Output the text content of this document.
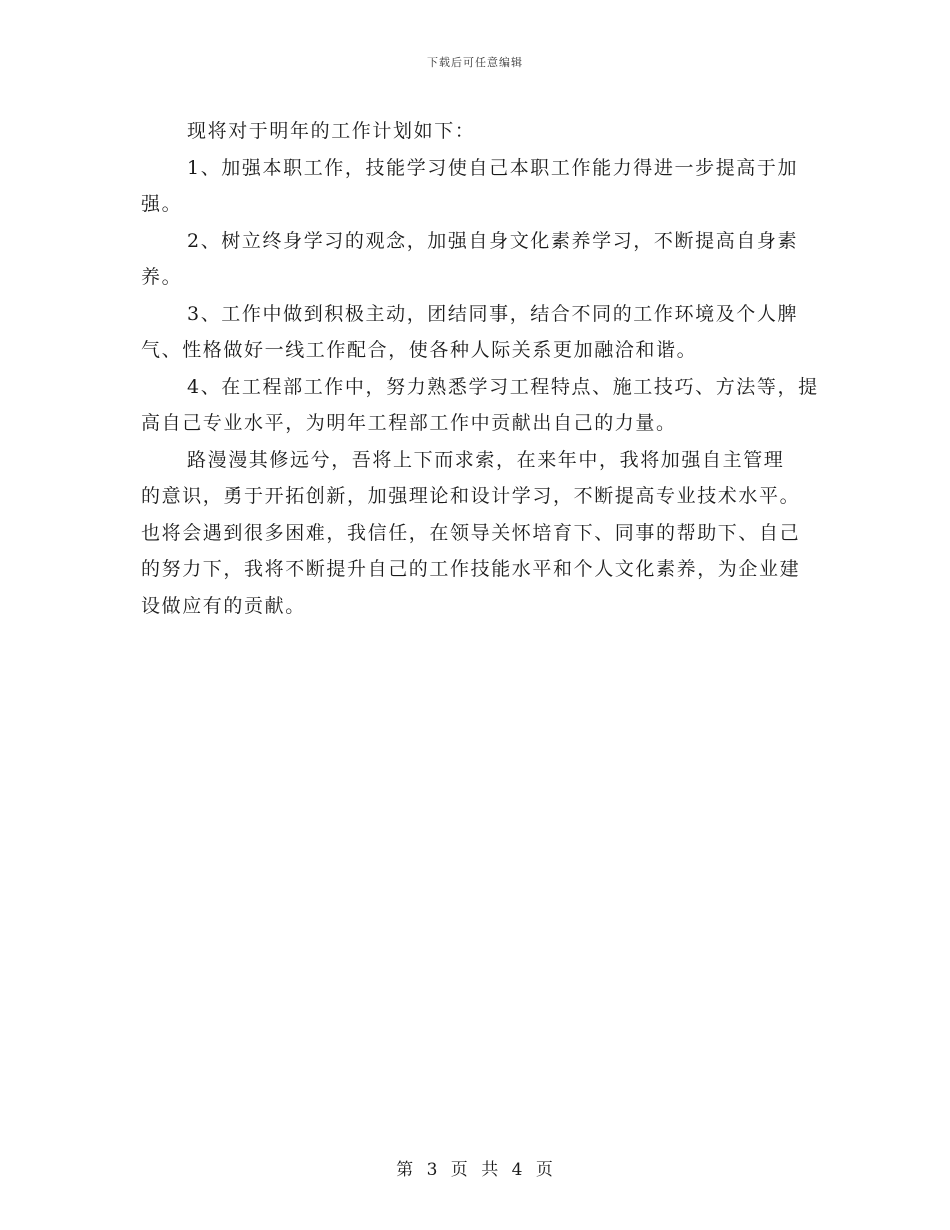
下载后可任意编辑

现将对于明年的工作计划如下：

1、加强本职工作，技能学习使自己本职工作能力得进一步提高于加强。

2、树立终身学习的观念，加强自身文化素养学习，不断提高自身素养。

3、工作中做到积极主动，团结同事，结合不同的工作环境及个人脾气、性格做好一线工作配合，使各种人际关系更加融洽和谐。

4、在工程部工作中，努力熟悉学习工程特点、施工技巧、方法等，提高自己专业水平，为明年工程部工作中贡献出自己的力量。

路漫漫其修远兮，吾将上下而求索，在来年中，我将加强自主管理的意识，勇于开拓创新，加强理论和设计学习，不断提高专业技术水平。也将会遇到很多困难，我信任，在领导关怀培育下、同事的帮助下、自己的努力下，我将不断提升自己的工作技能水平和个人文化素养，为企业建设做应有的贡献。

第 3 页 共 4 页
